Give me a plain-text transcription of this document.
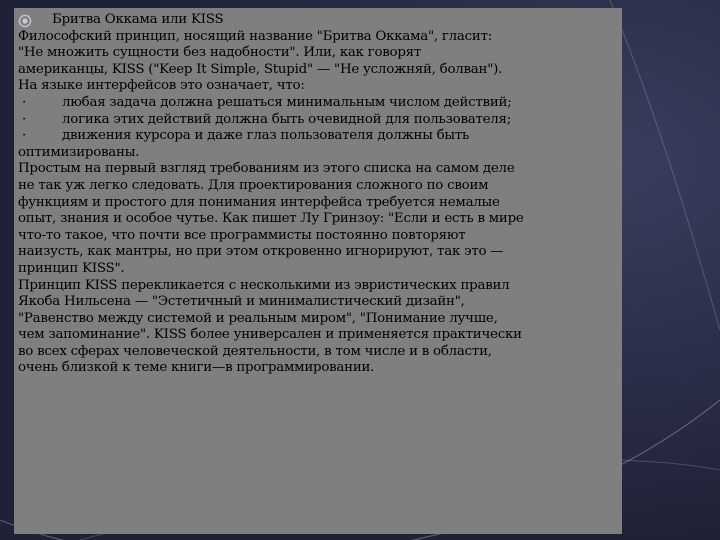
Бритва Оккама или KISS
Философский принцип, носящий название "Бритва Оккама", гласит:
"Не множить сущности без надобности". Или, как говорят
американцы, KISS ("Keep It Simple, Stupid" — "Не усложняй, болван").
На языке интерфейсов это означает, что:
·	любая задача должна решаться минимальным числом действий;
·	логика этих действий должна быть очевидной для пользователя;
·	движения курсора и даже глаз пользователя должны быть
оптимизированы.
Простым на первый взгляд требованиям из этого списка на самом деле
не так уж легко следовать. Для проектирования сложного по своим
функциям и простого для понимания интерфейса требуется немалые
опыт, знания и особое чутье. Как пишет Лу Гринзоу: "Если и есть в мире
что-то такое, что почти все программисты постоянно повторяют
наизусть, как мантры, но при этом откровенно игнорируют, так это —
принцип KISS".
Принцип KISS перекликается с несколькими из эвристических правил
Якоба Нильсена — "Эстетичный и минималистический дизайн",
"Равенство между системой и реальным миром", "Понимание лучше,
чем запоминание". KISS более универсален и применяется практически
во всех сферах человеческой деятельности, в том числе и в области,
очень близкой к теме книги—в программировании.
